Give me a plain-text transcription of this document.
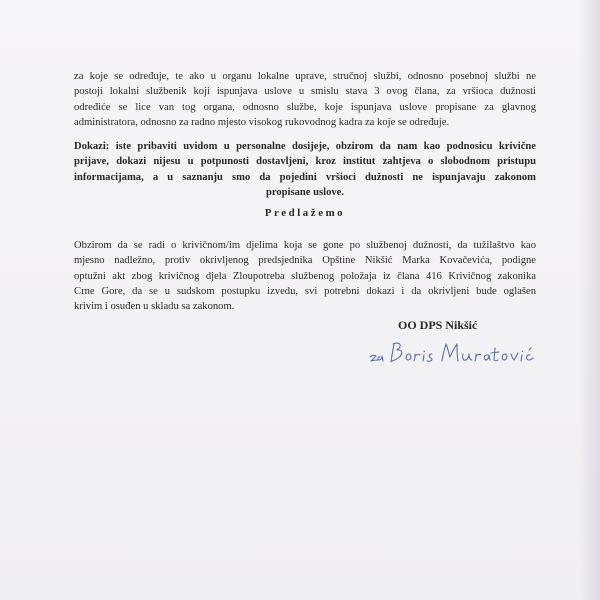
za koje se određuje, te ako u organu lokalne uprave, stručnoj službi, odnosno posebnoj službi ne
postoji lokalni službenik koji ispunjava uslove u smislu stava 3 ovog člana, za vršioca dužnosti
određiće se lice van tog organa, odnosno službe, koje ispunjava uslove propisane za glavnog
administratora, odnosno za radno mjesto visokog rukovodnog kadra za koje se određuje.

Dokazi: iste pribaviti uvidom u personalne dosijeje, obzirom da nam kao podnosicu krivične
prijave, dokazi nijesu u potpunosti dostavljeni, kroz institut zahtjeva o slobodnom pristupu
informacijama, a u saznanju smo da pojedini vršioci dužnosti ne ispunjavaju zakonom
propisane uslove.

Predlažemo

Obzirom da se radi o krivičnom/im djelima koja se gone po službenoj dužnosti, da tužilaštvo kao
mjesno nadležno, protiv okrivljenog predsjednika Opštine Nikšić Marka Kovačevića, podigne
optužni akt zbog krivičnog djela Zloupotreba službenog položaja iz člana 416 Krivičnog zakonika
Crne Gore, da se u sudskom postupku izvedu, svi potrebni dokazi i da okrivljeni bude oglašen
krivim i osuđen u skladu sa zakonom.

OO DPS Nikšić
